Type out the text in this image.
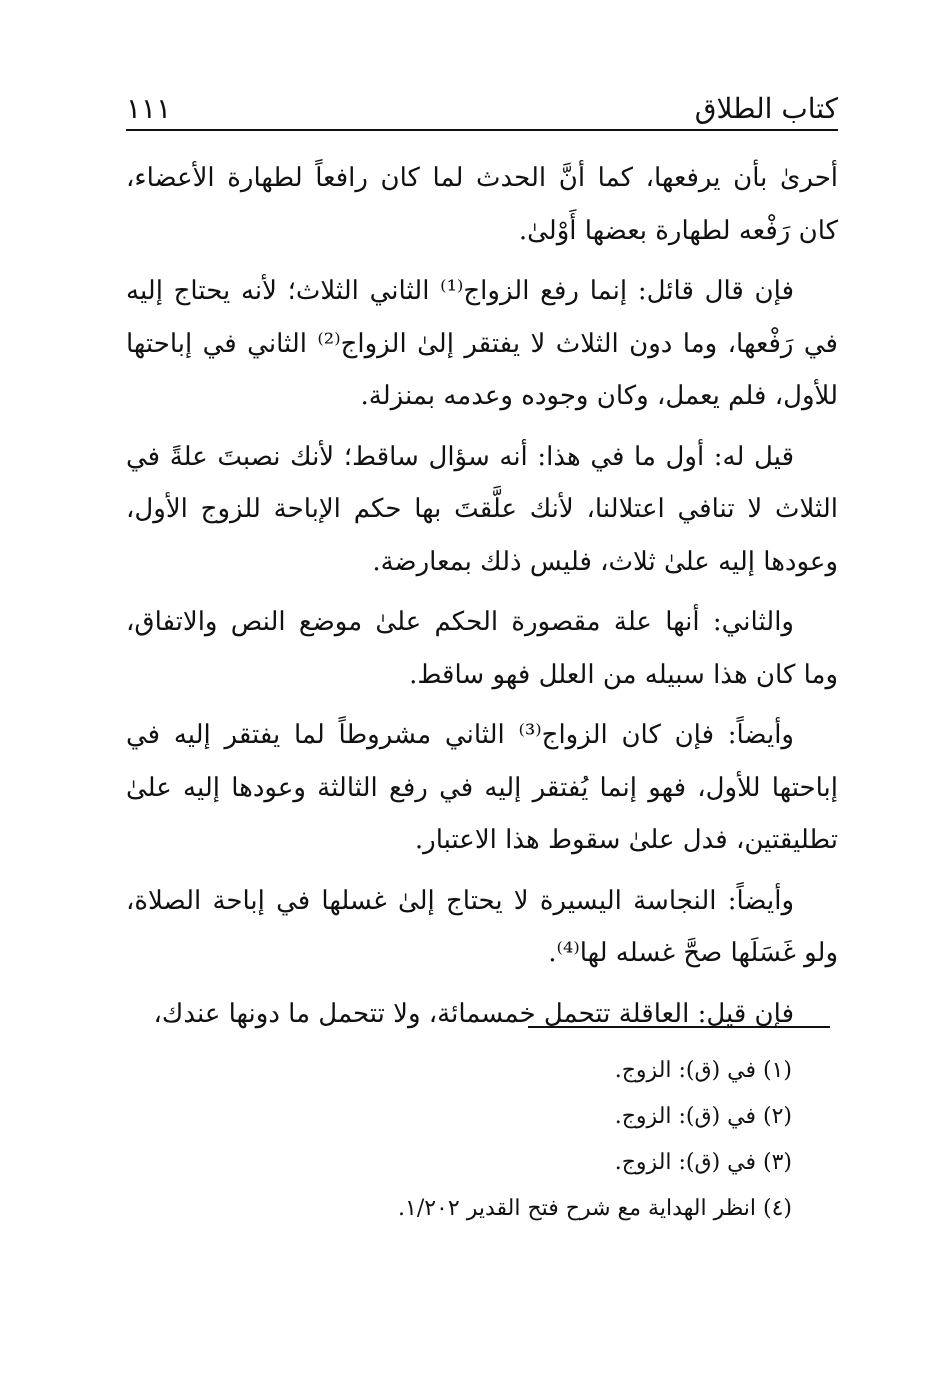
كتاب الطلاق
١١١

أحرىٰ بأن يرفعها، كما أنَّ الحدث لما كان رافعاً لطهارة الأعضاء، كان رَفْعه لطهارة بعضها أَوْلىٰ.

فإن قال قائل: إنما رفع الزواج⁽¹⁾ الثاني الثلاث؛ لأنه يحتاج إليه في رَفْعها، وما دون الثلاث لا يفتقر إلىٰ الزواج⁽²⁾ الثاني في إباحتها للأول، فلم يعمل، وكان وجوده وعدمه بمنزلة.

قيل له: أول ما في هذا: أنه سؤال ساقط؛ لأنك نصبتَ علةً في الثلاث لا تنافي اعتلالنا، لأنك علَّقتَ بها حكم الإباحة للزوج الأول، وعودها إليه علىٰ ثلاث، فليس ذلك بمعارضة.

والثاني: أنها علة مقصورة الحكم علىٰ موضع النص والاتفاق، وما كان هذا سبيله من العلل فهو ساقط.

وأيضاً: فإن كان الزواج⁽³⁾ الثاني مشروطاً لما يفتقر إليه في إباحتها للأول، فهو إنما يُفتقر إليه في رفع الثالثة وعودها إليه علىٰ تطليقتين، فدل علىٰ سقوط هذا الاعتبار.

وأيضاً: النجاسة اليسيرة لا يحتاج إلىٰ غسلها في إباحة الصلاة، ولو غَسَلَها صحَّ غسله لها⁽⁴⁾.

فإن قيل: العاقلة تتحمل خمسمائة، ولا تتحمل ما دونها عندك،

(١) في (ق): الزوج.

(٢) في (ق): الزوج.

(٣) في (ق): الزوج.

(٤) انظر الهداية مع شرح فتح القدير ١/٢٠٢.
